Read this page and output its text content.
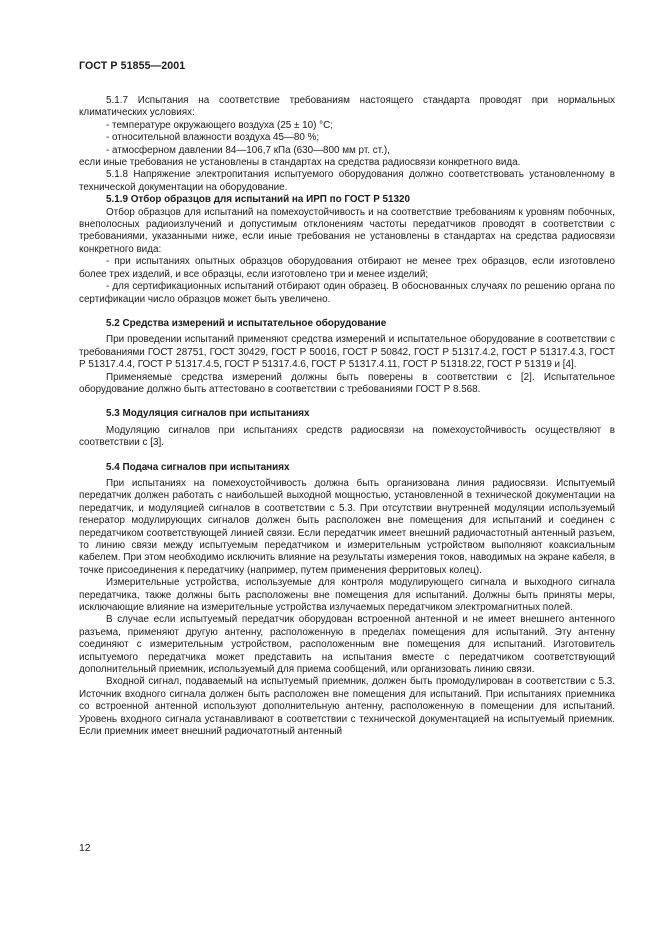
ГОСТ Р 51855—2001

5.1.7 Испытания на соответствие требованиям настоящего стандарта проводят при нормальных климатических условиях:

- температуре окружающего воздуха (25 ± 10) °С;

- относительной влажности воздуха 45—80 %;

- атмосферном давлении 84—106,7 кПа (630—800 мм рт. ст.),

если иные требования не установлены в стандартах на средства радиосвязи конкретного вида.

5.1.8 Напряжение электропитания испытуемого оборудования должно соответствовать установленному в технической документации на оборудование.

5.1.9 Отбор образцов для испытаний на ИРП по ГОСТ Р 51320

Отбор образцов для испытаний на помехоустойчивость и на соответствие требованиям к уровням побочных, внеполосных радиоизлучений и допустимым отклонениям частоты передатчиков проводят в соответствии с требованиями, указанными ниже, если иные требования не установлены в стандартах на средства радиосвязи конкретного вида:

- при испытаниях опытных образцов оборудования отбирают не менее трех образцов, если изготовлено более трех изделий, и все образцы, если изготовлено три и менее изделий;

- для сертификационных испытаний отбирают один образец. В обоснованных случаях по решению органа по сертификации число образцов может быть увеличено.

5.2 Средства измерений и испытательное оборудование

При проведении испытаний применяют средства измерений и испытательное оборудование в соответствии с требованиями ГОСТ 28751, ГОСТ 30429, ГОСТ Р 50016, ГОСТ Р 50842, ГОСТ Р 51317.4.2, ГОСТ Р 51317.4.3, ГОСТ Р 51317.4.4, ГОСТ Р 51317.4.5, ГОСТ Р 51317.4.6, ГОСТ Р 51317.4.11, ГОСТ Р 51318.22, ГОСТ Р 51319 и [4].

Применяемые средства измерений должны быть поверены в соответствии с [2]. Испытательное оборудование должно быть аттестовано в соответствии с требованиями ГОСТ Р 8.568.

5.3 Модуляция сигналов при испытаниях

Модуляцию сигналов при испытаниях средств радиосвязи на помехоустойчивость осуществляют в соответствии с [3].

5.4 Подача сигналов при испытаниях

При испытаниях на помехоустойчивость должна быть организована линия радиосвязи. Испытуемый передатчик должен работать с наибольшей выходной мощностью, установленной в технической документации на передатчик, и модуляцией сигналов в соответствии с 5.3. При отсутствии внутренней модуляции используемый генератор модулирующих сигналов должен быть расположен вне помещения для испытаний и соединен с передатчиком соответствующей линией связи. Если передатчик имеет внешний радиочастотный антенный разъем, то линию связи между испытуемым передатчиком и измерительным устройством выполняют коаксиальным кабелем. При этом необходимо исключить влияние на результаты измерения токов, наводимых на экране кабеля, в точке присоединения к передатчику (например, путем применения ферритовых колец).

Измерительные устройства, используемые для контроля модулирующего сигнала и выходного сигнала передатчика, также должны быть расположены вне помещения для испытаний. Должны быть приняты меры, исключающие влияние на измерительные устройства излучаемых передатчиком электромагнитных полей.

В случае если испытуемый передатчик оборудован встроенной антенной и не имеет внешнего антенного разъема, применяют другую антенну, расположенную в пределах помещения для испытаний. Эту антенну соединяют с измерительным устройством, расположенным вне помещения для испытаний. Изготовитель испытуемого передатчика может представить на испытания вместе с передатчиком соответствующий дополнительный приемник, используемый для приема сообщений, или организовать линию связи.

Входной сигнал, подаваемый на испытуемый приемник, должен быть промодулирован в соответствии с 5.3. Источник входного сигнала должен быть расположен вне помещения для испытаний. При испытаниях приемника со встроенной антенной используют дополнительную антенну, расположенную в помещении для испытаний. Уровень входного сигнала устанавливают в соответствии с технической документацией на испытуемый приемник. Если приемник имеет внешний радиочатотный антенный

12
